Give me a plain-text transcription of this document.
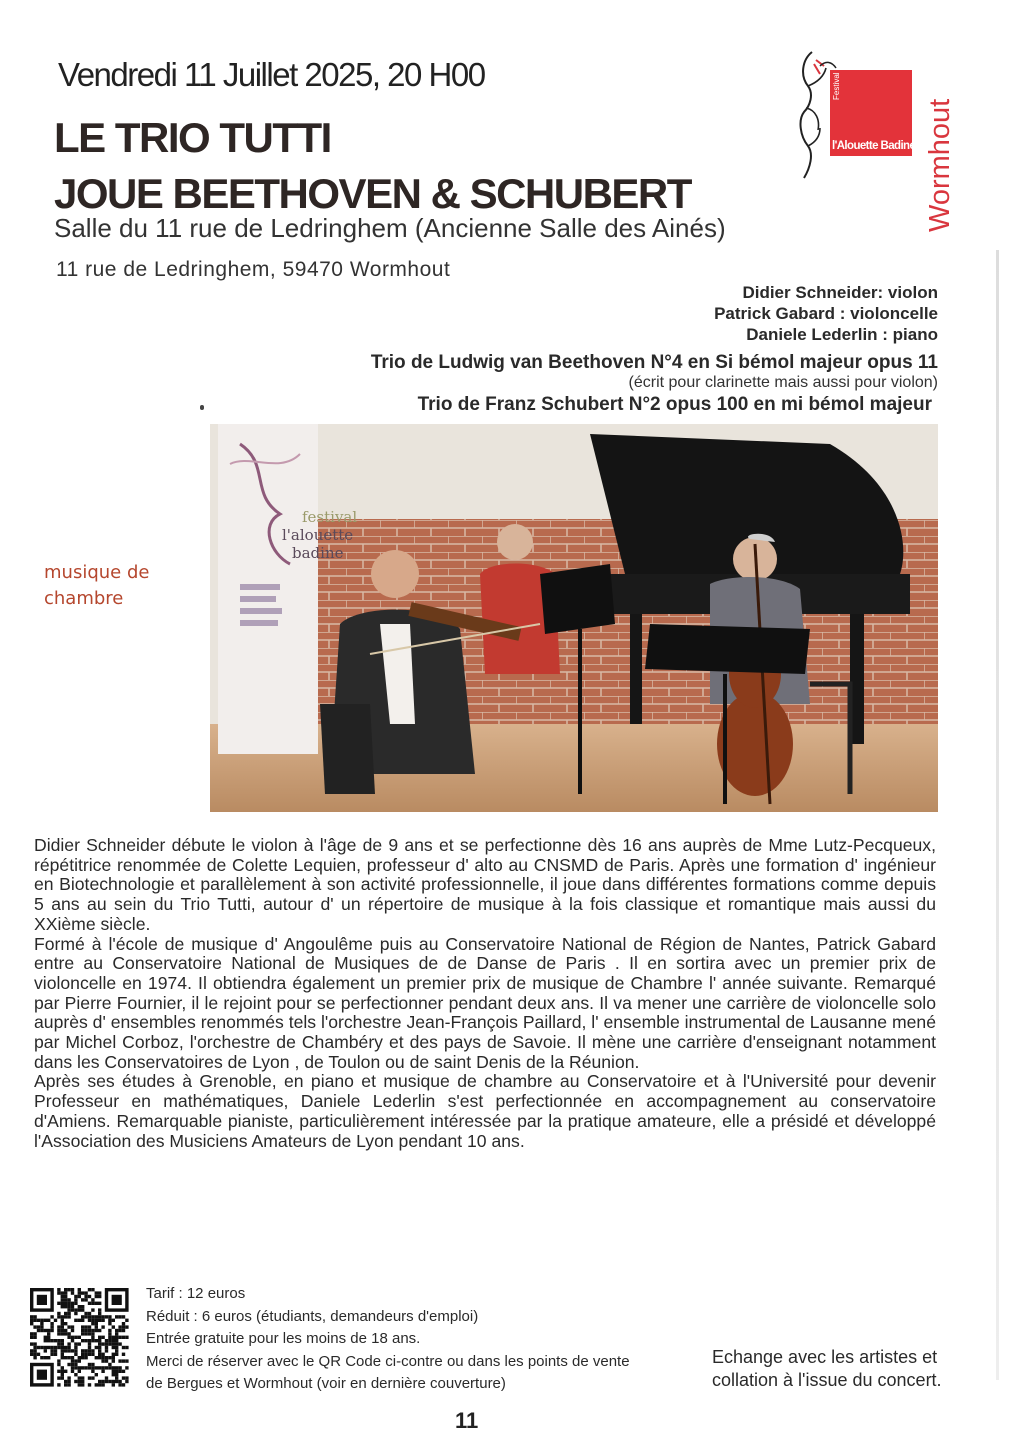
Vendredi 11 Juillet 2025, 20 H00
LE TRIO TUTTI
JOUE BEETHOVEN & SCHUBERT
Salle du 11 rue de Ledringhem (Ancienne Salle des Ainés)
11 rue de Ledringhem, 59470 Wormhout
Festival
l'Alouette Badine Wormhout
Didier Schneider: violon
Patrick Gabard : violoncelle
Daniele Lederlin : piano
Trio de Ludwig van Beethoven N°4 en Si bémol majeur opus 11
(écrit pour clarinette mais aussi pour violon)
Trio de Franz Schubert N°2 opus 100 en mi bémol majeur
musique de chambre
festival
l'alouette
badine

Didier Schneider débute le violon à l'âge de 9 ans et se perfectionne dès 16 ans auprès de Mme Lutz-Pecqueux, répétitrice renommée de Colette Lequien, professeur d' alto au CNSMD de Paris. Après une formation d' ingénieur en Biotechnologie et parallèlement à son activité professionnelle, il joue dans différentes formations comme depuis 5 ans au sein du Trio Tutti, autour d' un répertoire de musique à la fois classique et romantique mais aussi du XXième siècle.

Formé à l'école de musique d' Angoulême puis au Conservatoire National de Région de Nantes, Patrick Gabard entre au Conservatoire National de Musiques de de Danse de Paris . Il en sortira avec un premier prix de violoncelle en 1974. Il obtiendra également un premier prix de musique de Chambre l' année suivante. Remarqué par Pierre Fournier, il le rejoint pour se perfectionner pendant deux ans. Il va mener une carrière de violoncelle solo auprès d' ensembles renommés tels l'orchestre Jean-François Paillard, l' ensemble instrumental de Lausanne mené par Michel Corboz, l'orchestre de Chambéry et des pays de Savoie. Il mène une carrière d'enseignant notamment dans les Conservatoires de Lyon , de Toulon ou de saint Denis de la Réunion.

Après ses études à Grenoble, en piano et musique de chambre au Conservatoire et à l'Université pour devenir Professeur en mathématiques, Daniele Lederlin s'est perfectionnée en accompagnement au conservatoire d'Amiens. Remarquable pianiste, particulièrement intéressée par la pratique amateure, elle a présidé et développé l'Association des Musiciens Amateurs de Lyon pendant 10 ans.

Tarif : 12 euros
Réduit : 6 euros (étudiants, demandeurs d'emploi)
Entrée gratuite pour les moins de 18 ans.
Merci de réserver avec le QR Code ci-contre ou dans les points de vente
de Bergues et Wormhout (voir en dernière couverture)
Echange avec les artistes et collation à l'issue du concert.
11
